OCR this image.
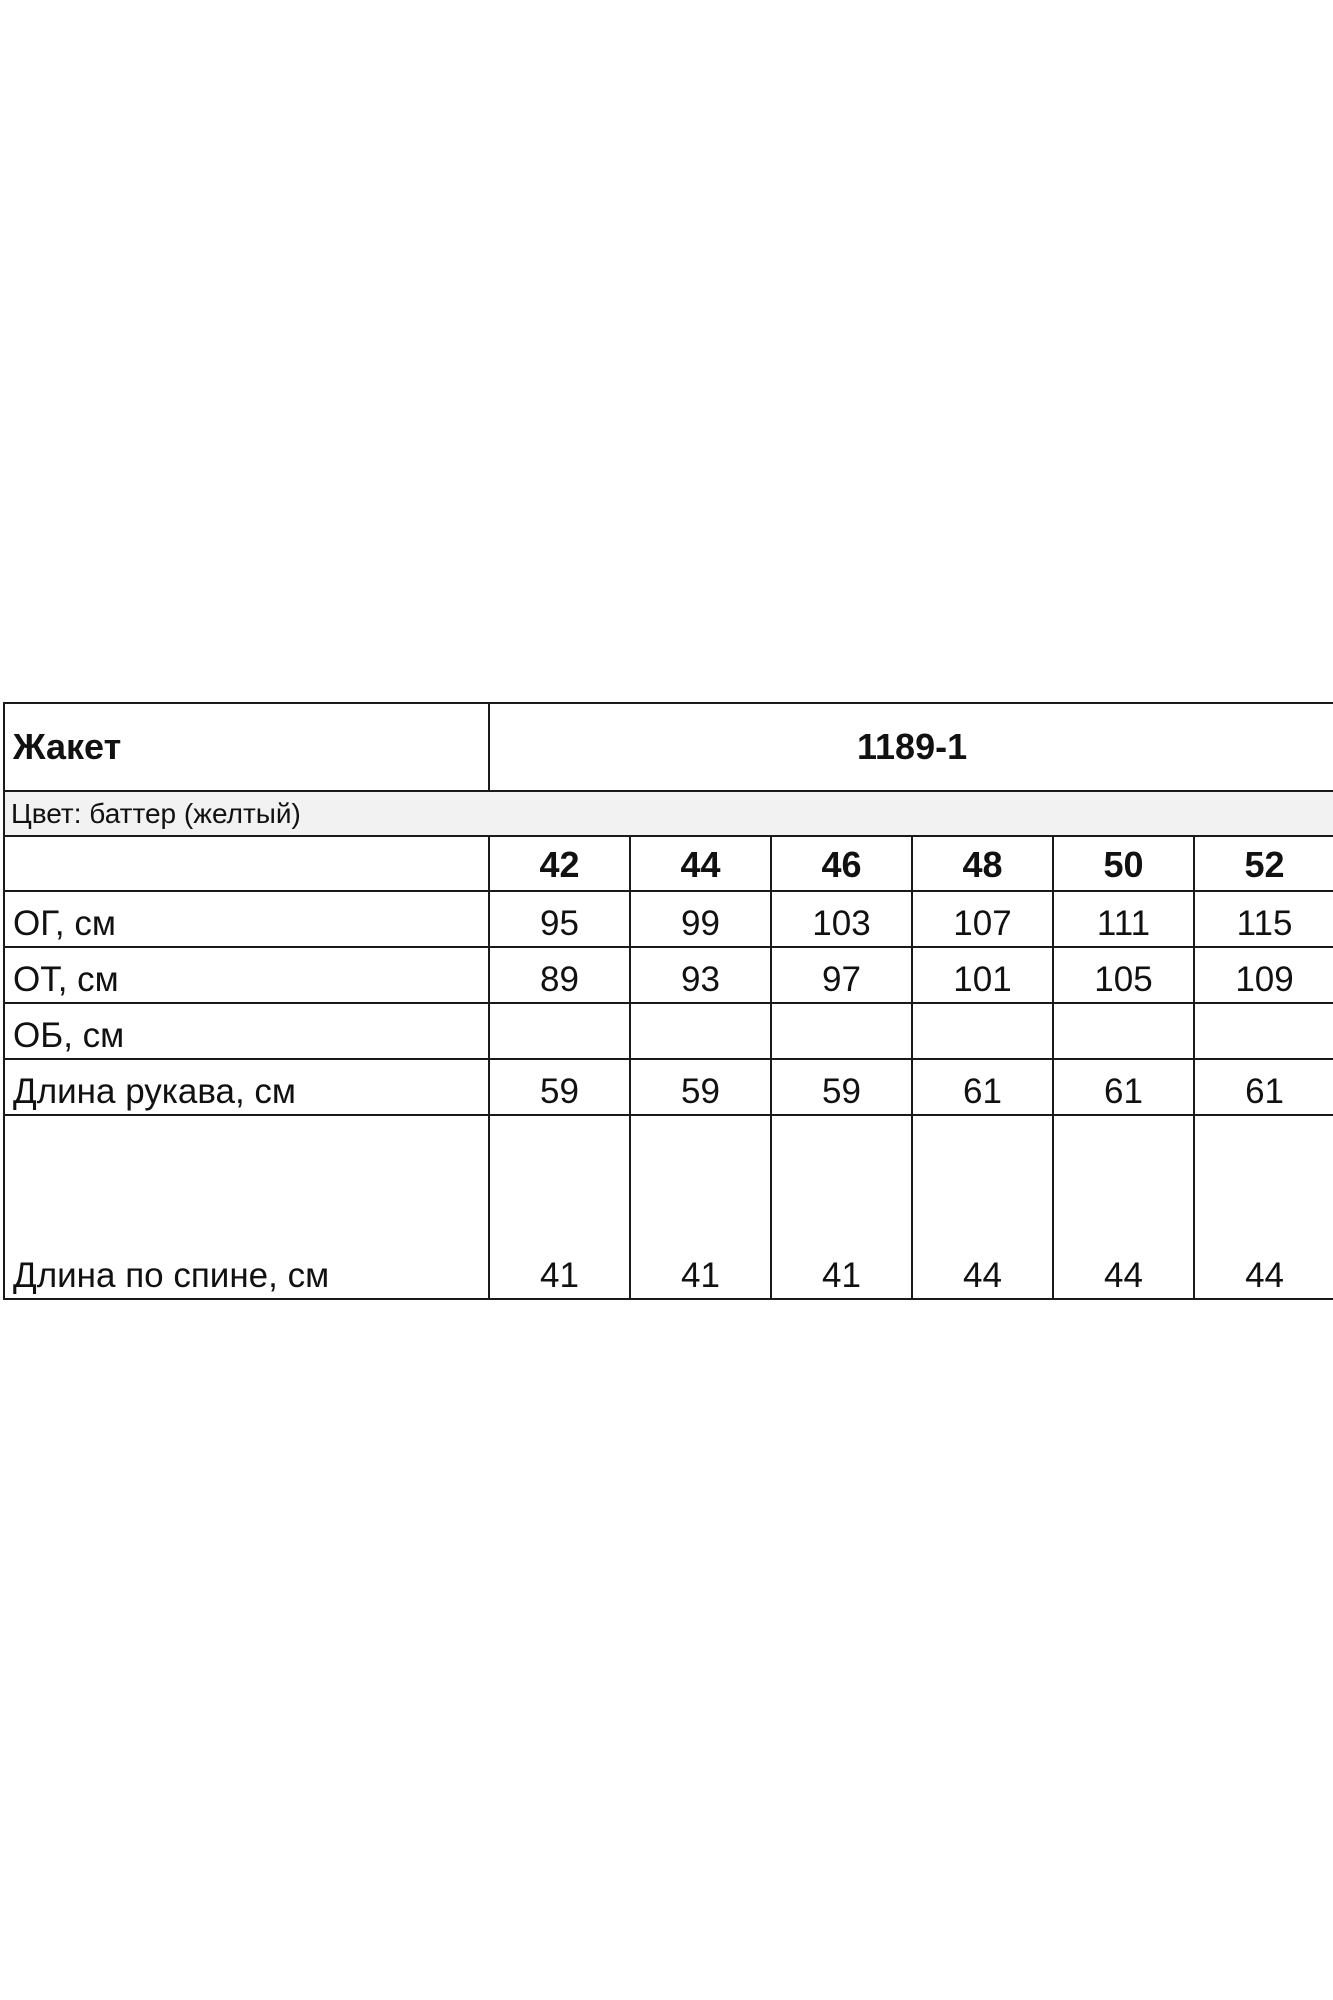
Жакет	1189-1					
Цвет: баттер (желтый)						
	42	44	46	48	50	52
ОГ, см	95	99	103	107	111	115
ОТ, см	89	93	97	101	105	109
ОБ, см						
Длина рукава, см	59	59	59	61	61	61
Длина по спине, см	41	41	41	44	44	44
